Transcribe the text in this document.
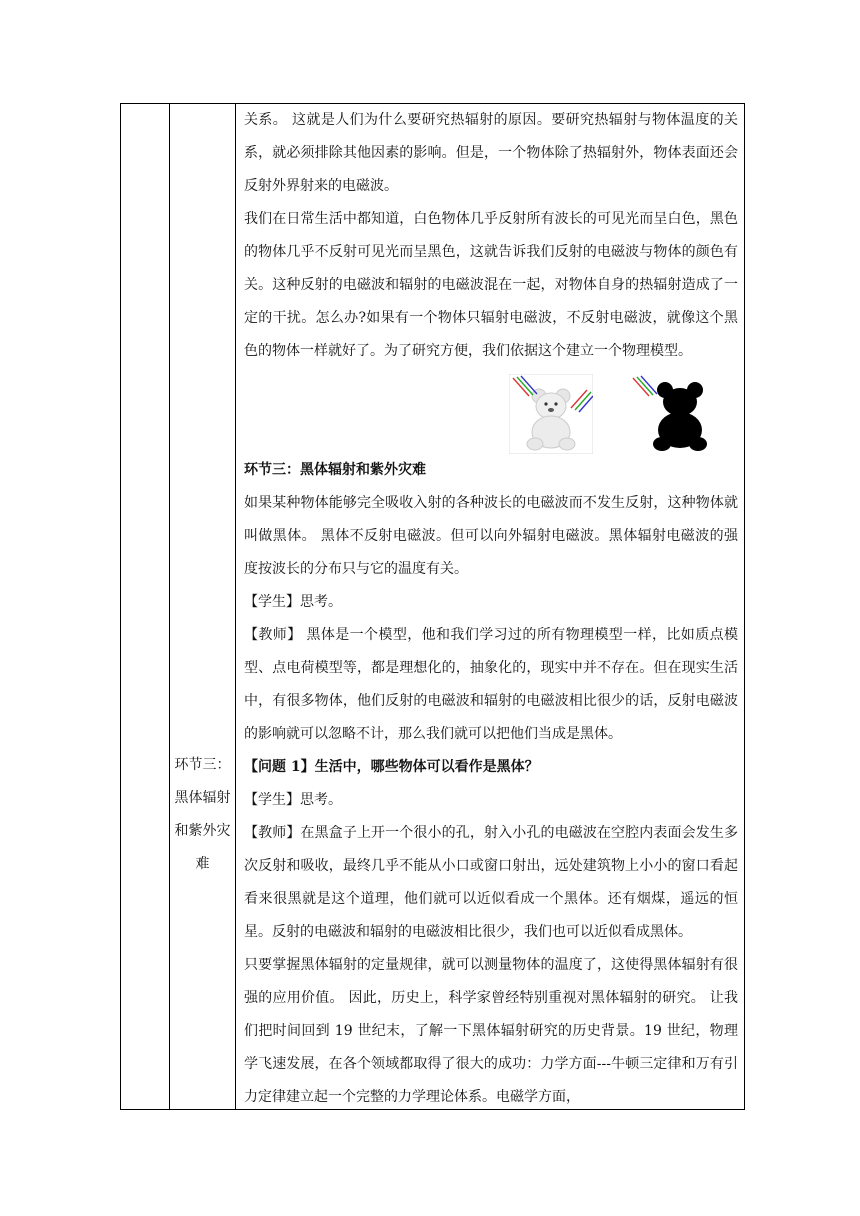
环节三：黑体辐射和紫外灾难

关系。 这就是人们为什么要研究热辐射的原因。要研究热辐射与物体温度的关系，就必须排除其他因素的影响。但是，一个物体除了热辐射外，物体表面还会反射外界射来的电磁波。

我们在日常生活中都知道，白色物体几乎反射所有波长的可见光而呈白色，黑色的物体几乎不反射可见光而呈黑色，这就告诉我们反射的电磁波与物体的颜色有关。这种反射的电磁波和辐射的电磁波混在一起，对物体自身的热辐射造成了一定的干扰。怎么办?如果有一个物体只辐射电磁波，不反射电磁波，就像这个黑色的物体一样就好了。为了研究方便，我们依据这个建立一个物理模型。

环节三：黑体辐射和紫外灾难

如果某种物体能够完全吸收入射的各种波长的电磁波而不发生反射，这种物体就叫做黑体。 黑体不反射电磁波。但可以向外辐射电磁波。黑体辐射电磁波的强度按波长的分布只与它的温度有关。

【学生】思考。

【教师】 黑体是一个模型，他和我们学习过的所有物理模型一样，比如质点模型、点电荷模型等，都是理想化的，抽象化的，现实中并不存在。但在现实生活中，有很多物体，他们反射的电磁波和辐射的电磁波相比很少的话，反射电磁波的影响就可以忽略不计，那么我们就可以把他们当成是黑体。

【问题 1】生活中，哪些物体可以看作是黑体？

【学生】思考。

【教师】在黑盒子上开一个很小的孔，射入小孔的电磁波在空腔内表面会发生多次反射和吸收，最终几乎不能从小口或窗口射出，远处建筑物上小小的窗口看起看来很黑就是这个道理，他们就可以近似看成一个黑体。还有烟煤，遥远的恒星。反射的电磁波和辐射的电磁波相比很少，我们也可以近似看成黑体。

只要掌握黑体辐射的定量规律，就可以测量物体的温度了，这使得黑体辐射有很强的应用价值。 因此，历史上，科学家曾经特别重视对黑体辐射的研究。 让我们把时间回到 19 世纪末，了解一下黑体辐射研究的历史背景。19 世纪，物理学飞速发展，在各个领域都取得了很大的成功：力学方面---牛顿三定律和万有引力定律建立起一个完整的力学理论体系。电磁学方面，
